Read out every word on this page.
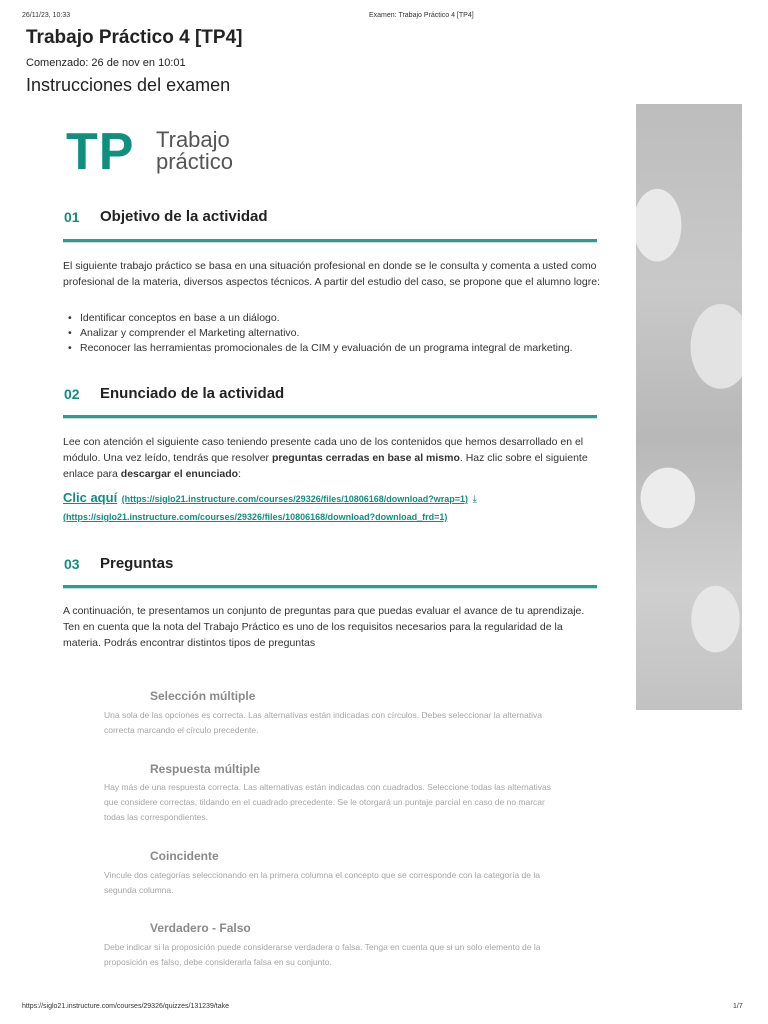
26/11/23, 10:33	Examen: Trabajo Práctico 4 [TP4]
Trabajo Práctico 4 [TP4]
Comenzado: 26 de nov en 10:01
Instrucciones del examen
TP Trabajo
práctico
01 Objetivo de la actividad
El siguiente trabajo práctico se basa en una situación profesional en donde se le consulta y comenta a usted como profesional de la materia, diversos aspectos técnicos. A partir del estudio del caso, se propone que el alumno logre:
• Identificar conceptos en base a un diálogo.
• Analizar y comprender el Marketing alternativo.
• Reconocer las herramientas promocionales de la CIM y evaluación de un programa integral de marketing.
02 Enunciado de la actividad
Lee con atención el siguiente caso teniendo presente cada uno de los contenidos que hemos desarrollado en el módulo. Una vez leído, tendrás que resolver preguntas cerradas en base al mismo. Haz clic sobre el siguiente enlace para descargar el enunciado:
Clic aquí (https://siglo21.instructure.com/courses/29326/files/10806168/download?wrap=1) ⤓
(https://siglo21.instructure.com/courses/29326/files/10806168/download?download_frd=1)
03 Preguntas
A continuación, te presentamos un conjunto de preguntas para que puedas evaluar el avance de tu aprendizaje. Ten en cuenta que la nota del Trabajo Práctico es uno de los requisitos necesarios para la regularidad de la materia. Podrás encontrar distintos tipos de preguntas
Selección múltiple
Una sola de las opciones es correcta. Las alternativas están indicadas con círculos. Debes seleccionar la alternativa correcta marcando el círculo precedente.
Respuesta múltiple
Hay más de una respuesta correcta. Las alternativas están indicadas con cuadrados. Seleccione todas las alternativas que considere correctas, tildando en el cuadrado precedente. Se le otorgará un puntaje parcial en caso de no marcar todas las correspondientes.
Coincidente
Vincule dos categorías seleccionando en la primera columna el concepto que se corresponde con la categoría de la segunda columna.
Verdadero - Falso
Debe indicar si la proposición puede considerarse verdadera o falsa. Tenga en cuenta que si un solo elemento de la proposición es falso, debe considerarla falsa en su conjunto.
https://siglo21.instructure.com/courses/29326/quizzes/131239/take	1/7
